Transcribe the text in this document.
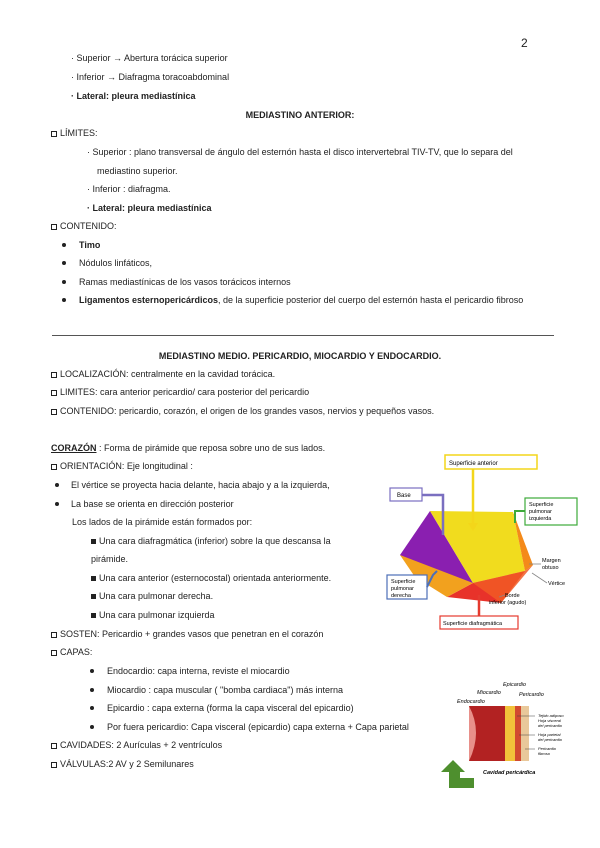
2
· Superior → Abertura torácica superior
· Inferior → Diafragma toracoabdominal
· Lateral: pleura mediastínica
MEDIASTINO ANTERIOR:
LÍMITES:
· Superior : plano transversal de ángulo del esternón hasta el disco intervertebral TIV-TV, que lo separa del
mediastino superior.
· Inferior : diafragma.
· Lateral: pleura mediastínica
CONTENIDO:
Timo
Nódulos linfáticos,
Ramas mediastínicas de los vasos torácicos internos
Ligamentos esternopericárdicos, de la superficie posterior del cuerpo del esternón hasta el pericardio fibroso
MEDIASTINO MEDIO. PERICARDIO, MIOCARDIO Y ENDOCARDIO.
LOCALIZACIÓN: centralmente en la cavidad torácica.
LIMITES: cara anterior pericardio/ cara posterior del pericardio
CONTENIDO: pericardio, corazón, el origen de los grandes vasos, nervios y pequeños vasos.
CORAZÓN : Forma de pirámide que reposa sobre uno de sus lados.
ORIENTACIÓN: Eje longitudinal :
El vértice se proyecta hacia delante, hacia abajo y a la izquierda,
La base se orienta en dirección posterior
Los lados de la pirámide están formados por:
Una cara diafragmática (inferior) sobre la que descansa la
pirámide.
Una cara anterior (esternocostal) orientada anteriormente.
Una cara pulmonar derecha.
Una cara pulmonar izquierda
SOSTEN: Pericardio + grandes vasos que penetran en el corazón
CAPAS:
Endocardio: capa interna, reviste el miocardio
Miocardio : capa muscular ( "bomba cardiaca") más interna
Epicardio : capa externa (forma la capa visceral del epicardio)
Por fuera pericardio: Capa visceral (epicardio) capa externa + Capa parietal
CAVIDADES: 2 Aurículas + 2 ventrículos
VÁLVULAS:2 AV y 2 Semilunares
Superficie anterior
Base
Superficie
pulmonar
izquierda
Margen
obtuso
Vértice
Superficie
pulmonar
derecha	Borde
inferior (agudo)
Superficie diafragmática
Endocardio
Miocardio
Epicardio
Pericardio
Tejido adiposo
Hoja visceral
del pericardio
Hoja parietal
del pericardio
Pericardio
fibroso
Cavidad pericárdica
